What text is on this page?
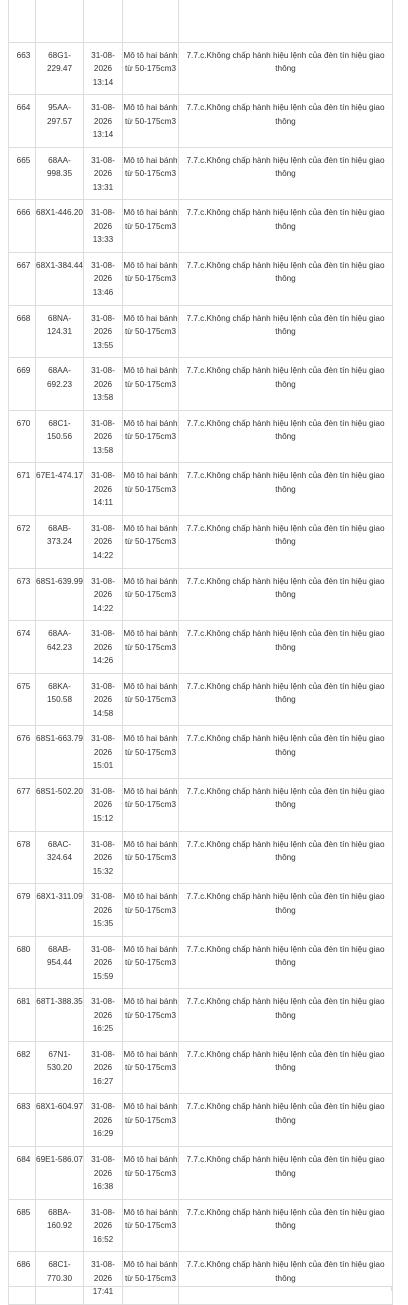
663	68G1-229.47	31-08-2026 13:14	Mô tô hai bánh từ 50-175cm3	7.7.c.Không chấp hành hiệu lệnh của đèn tín hiệu giao thông
664	95AA-297.57	31-08-2026 13:14	Mô tô hai bánh từ 50-175cm3	7.7.c.Không chấp hành hiệu lệnh của đèn tín hiệu giao thông
665	68AA-998.35	31-08-2026 13:31	Mô tô hai bánh từ 50-175cm3	7.7.c.Không chấp hành hiệu lệnh của đèn tín hiệu giao thông
666	68X1-446.20	31-08-2026 13:33	Mô tô hai bánh từ 50-175cm3	7.7.c.Không chấp hành hiệu lệnh của đèn tín hiệu giao thông
667	68X1-384.44	31-08-2026 13:46	Mô tô hai bánh từ 50-175cm3	7.7.c.Không chấp hành hiệu lệnh của đèn tín hiệu giao thông
668	68NA-124.31	31-08-2026 13:55	Mô tô hai bánh từ 50-175cm3	7.7.c.Không chấp hành hiệu lệnh của đèn tín hiệu giao thông
669	68AA-692.23	31-08-2026 13:58	Mô tô hai bánh từ 50-175cm3	7.7.c.Không chấp hành hiệu lệnh của đèn tín hiệu giao thông
670	68C1-150.56	31-08-2026 13:58	Mô tô hai bánh từ 50-175cm3	7.7.c.Không chấp hành hiệu lệnh của đèn tín hiệu giao thông
671	67E1-474.17	31-08-2026 14:11	Mô tô hai bánh từ 50-175cm3	7.7.c.Không chấp hành hiệu lệnh của đèn tín hiệu giao thông
672	68AB-373.24	31-08-2026 14:22	Mô tô hai bánh từ 50-175cm3	7.7.c.Không chấp hành hiệu lệnh của đèn tín hiệu giao thông
673	68S1-639.99	31-08-2026 14:22	Mô tô hai bánh từ 50-175cm3	7.7.c.Không chấp hành hiệu lệnh của đèn tín hiệu giao thông
674	68AA-642.23	31-08-2026 14:26	Mô tô hai bánh từ 50-175cm3	7.7.c.Không chấp hành hiệu lệnh của đèn tín hiệu giao thông
675	68KA-150.58	31-08-2026 14:58	Mô tô hai bánh từ 50-175cm3	7.7.c.Không chấp hành hiệu lệnh của đèn tín hiệu giao thông
676	68S1-663.79	31-08-2026 15:01	Mô tô hai bánh từ 50-175cm3	7.7.c.Không chấp hành hiệu lệnh của đèn tín hiệu giao thông
677	68S1-502.20	31-08-2026 15:12	Mô tô hai bánh từ 50-175cm3	7.7.c.Không chấp hành hiệu lệnh của đèn tín hiệu giao thông
678	68AC-324.64	31-08-2026 15:32	Mô tô hai bánh từ 50-175cm3	7.7.c.Không chấp hành hiệu lệnh của đèn tín hiệu giao thông
679	68X1-311.09	31-08-2026 15:35	Mô tô hai bánh từ 50-175cm3	7.7.c.Không chấp hành hiệu lệnh của đèn tín hiệu giao thông
680	68AB-954.44	31-08-2026 15:59	Mô tô hai bánh từ 50-175cm3	7.7.c.Không chấp hành hiệu lệnh của đèn tín hiệu giao thông
681	68T1-388.35	31-08-2026 16:25	Mô tô hai bánh từ 50-175cm3	7.7.c.Không chấp hành hiệu lệnh của đèn tín hiệu giao thông
682	67N1-530.20	31-08-2026 16:27	Mô tô hai bánh từ 50-175cm3	7.7.c.Không chấp hành hiệu lệnh của đèn tín hiệu giao thông
683	68X1-604.97	31-08-2026 16:29	Mô tô hai bánh từ 50-175cm3	7.7.c.Không chấp hành hiệu lệnh của đèn tín hiệu giao thông
684	69E1-586.07	31-08-2026 16:38	Mô tô hai bánh từ 50-175cm3	7.7.c.Không chấp hành hiệu lệnh của đèn tín hiệu giao thông
685	68BA-160.92	31-08-2026 16:52	Mô tô hai bánh từ 50-175cm3	7.7.c.Không chấp hành hiệu lệnh của đèn tín hiệu giao thông
686	68C1-770.30	31-08-2026 17:41	Mô tô hai bánh từ 50-175cm3	7.7.c.Không chấp hành hiệu lệnh của đèn tín hiệu giao thông
